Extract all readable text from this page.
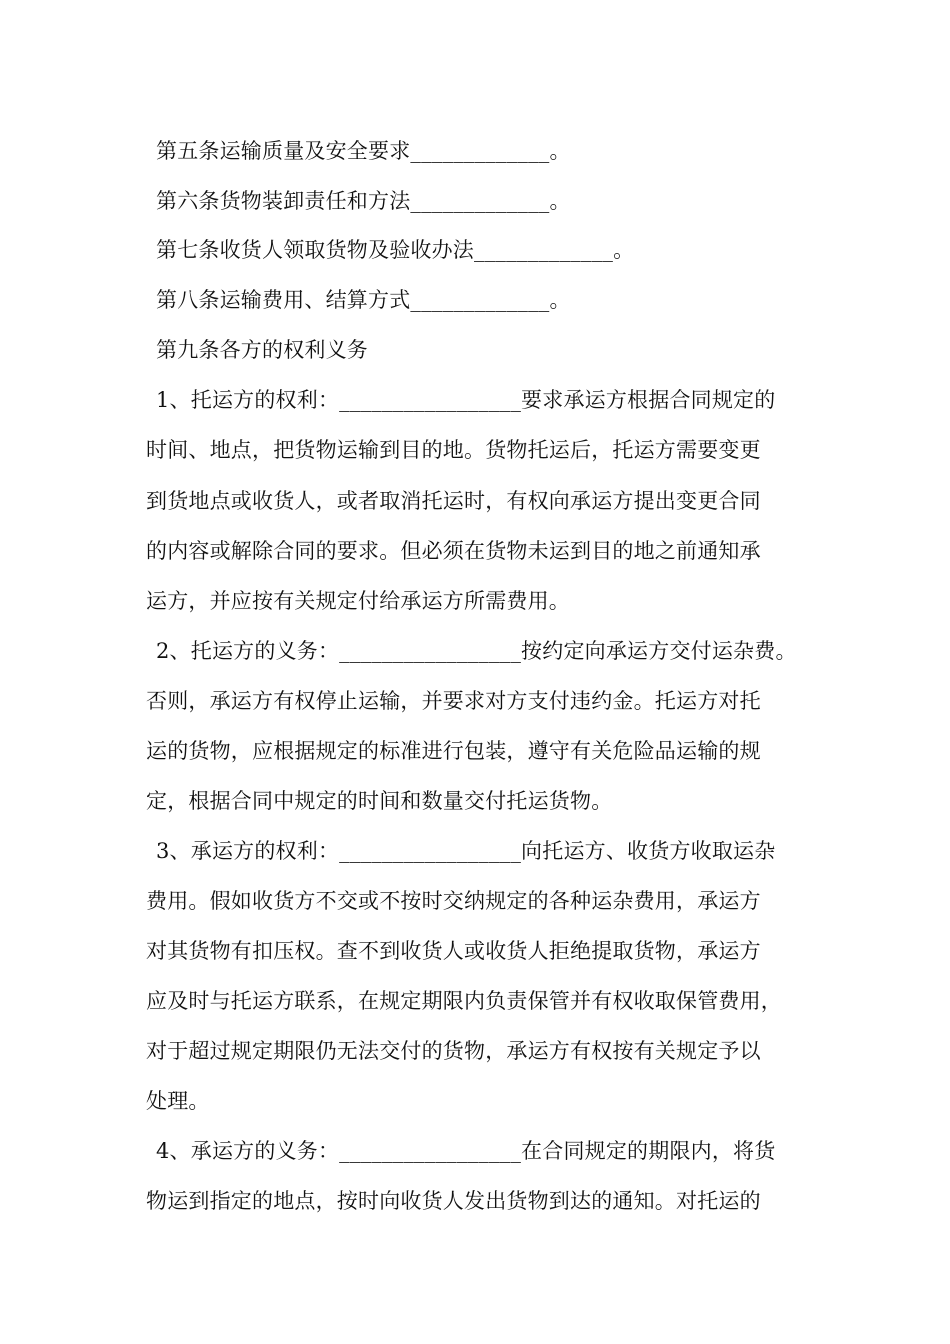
第五条运输质量及安全要求_____________。
第六条货物装卸责任和方法_____________。
第七条收货人领取货物及验收办法_____________。
第八条运输费用、结算方式_____________。
第九条各方的权利义务
1、托运方的权利：_________________要求承运方根据合同规定的
时间、地点，把货物运输到目的地。货物托运后，托运方需要变更
到货地点或收货人，或者取消托运时，有权向承运方提出变更合同
的内容或解除合同的要求。但必须在货物未运到目的地之前通知承
运方，并应按有关规定付给承运方所需费用。
2、托运方的义务：_________________按约定向承运方交付运杂费。
否则，承运方有权停止运输，并要求对方支付违约金。托运方对托
运的货物，应根据规定的标准进行包装，遵守有关危险品运输的规
定，根据合同中规定的时间和数量交付托运货物。
3、承运方的权利：_________________向托运方、收货方收取运杂
费用。假如收货方不交或不按时交纳规定的各种运杂费用，承运方
对其货物有扣压权。查不到收货人或收货人拒绝提取货物，承运方
应及时与托运方联系，在规定期限内负责保管并有权收取保管费用，
对于超过规定期限仍无法交付的货物，承运方有权按有关规定予以
处理。
4、承运方的义务：_________________在合同规定的期限内，将货
物运到指定的地点，按时向收货人发出货物到达的通知。对托运的
